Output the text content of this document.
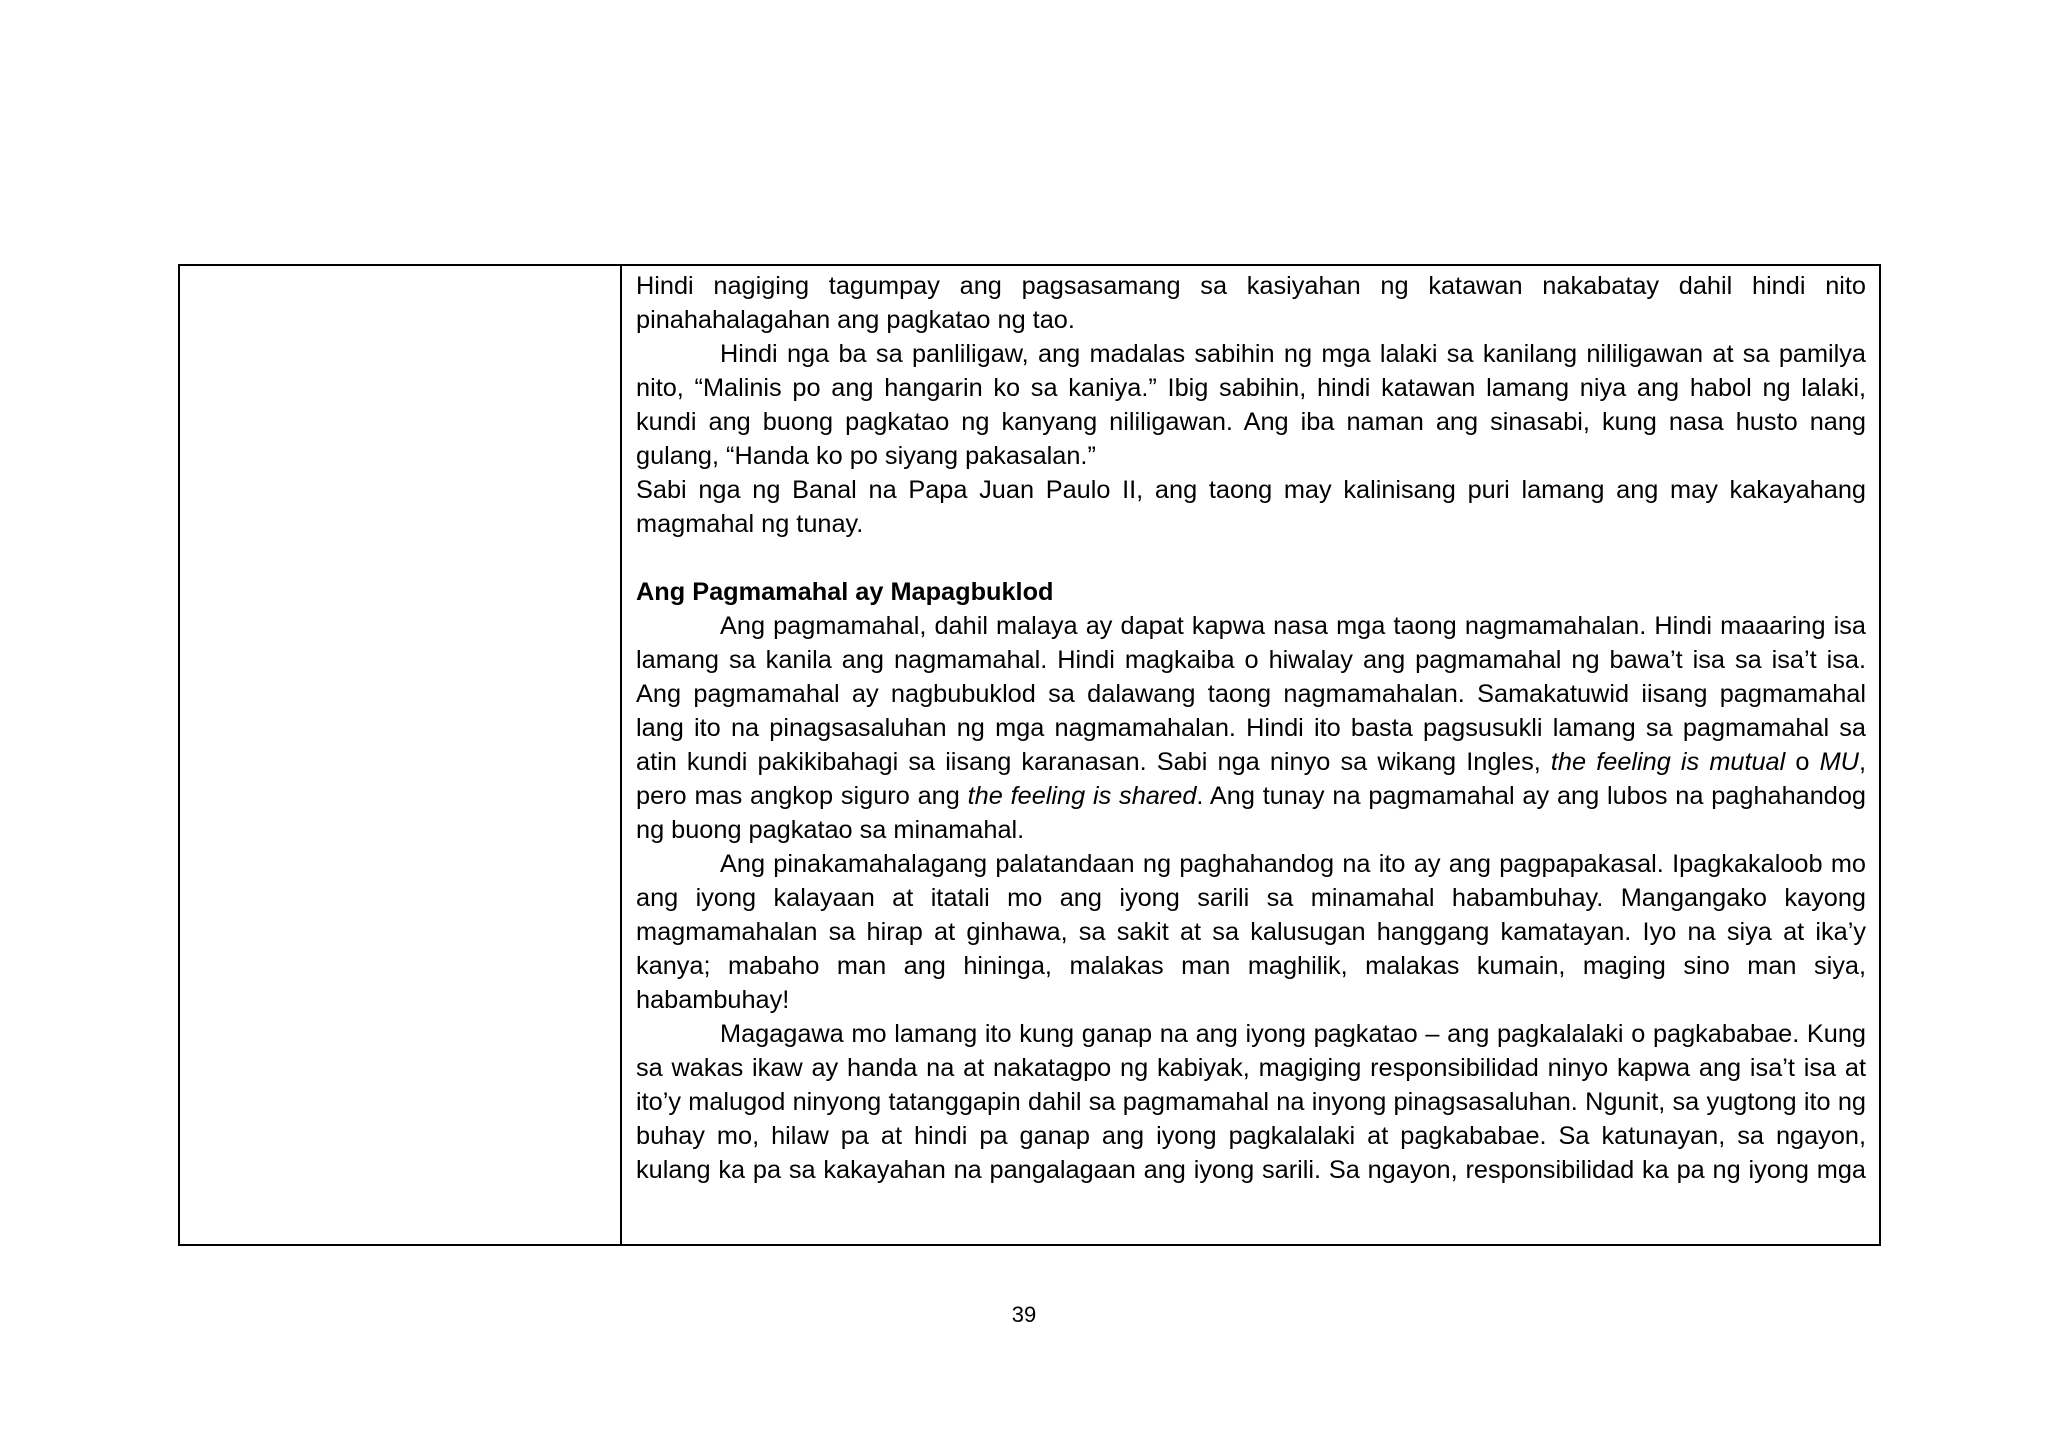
Hindi nagiging tagumpay ang pagsasamang sa kasiyahan ng katawan nakabatay dahil hindi nito pinahahalagahan ang pagkatao ng tao.

Hindi nga ba sa panliligaw, ang madalas sabihin ng mga lalaki sa kanilang nililigawan at sa pamilya nito, “Malinis po ang hangarin ko sa kaniya.” Ibig sabihin, hindi katawan lamang niya ang habol ng lalaki, kundi ang buong pagkatao ng kanyang nililigawan. Ang iba naman ang sinasabi, kung nasa husto nang gulang, “Handa ko po siyang pakasalan.”

Sabi nga ng Banal na Papa Juan Paulo II, ang taong may kalinisang puri lamang ang may kakayahang magmahal ng tunay.

Ang Pagmamahal ay Mapagbuklod

Ang pagmamahal, dahil malaya ay dapat kapwa nasa mga taong nagmamahalan. Hindi maaaring isa lamang sa kanila ang nagmamahal. Hindi magkaiba o hiwalay ang pagmamahal ng bawa’t isa sa isa’t isa. Ang pagmamahal ay nagbubuklod sa dalawang taong nagmamahalan. Samakatuwid iisang pagmamahal lang ito na pinagsasaluhan ng mga nagmamahalan. Hindi ito basta pagsusukli lamang sa pagmamahal sa atin kundi pakikibahagi sa iisang karanasan. Sabi nga ninyo sa wikang Ingles, the feeling is mutual o MU, pero mas angkop siguro ang the feeling is shared. Ang tunay na pagmamahal ay ang lubos na paghahandog ng buong pagkatao sa minamahal.

Ang pinakamahalagang palatandaan ng paghahandog na ito ay ang pagpapakasal. Ipagkakaloob mo ang iyong kalayaan at itatali mo ang iyong sarili sa minamahal habambuhay. Mangangako kayong magmamahalan sa hirap at ginhawa, sa sakit at sa kalusugan hanggang kamatayan. Iyo na siya at ika’y kanya; mabaho man ang hininga, malakas man maghilik, malakas kumain, maging sino man siya, habambuhay!

Magagawa mo lamang ito kung ganap na ang iyong pagkatao – ang pagkalalaki o pagkababae. Kung sa wakas ikaw ay handa na at nakatagpo ng kabiyak, magiging responsibilidad ninyo kapwa ang isa’t isa at ito’y malugod ninyong tatanggapin dahil sa pagmamahal na inyong pinagsasaluhan. Ngunit, sa yugtong ito ng buhay mo, hilaw pa at hindi pa ganap ang iyong pagkalalaki at pagkababae. Sa katunayan, sa ngayon, kulang ka pa sa kakayahan na pangalagaan ang iyong sarili. Sa ngayon, responsibilidad ka pa ng iyong mga

39
